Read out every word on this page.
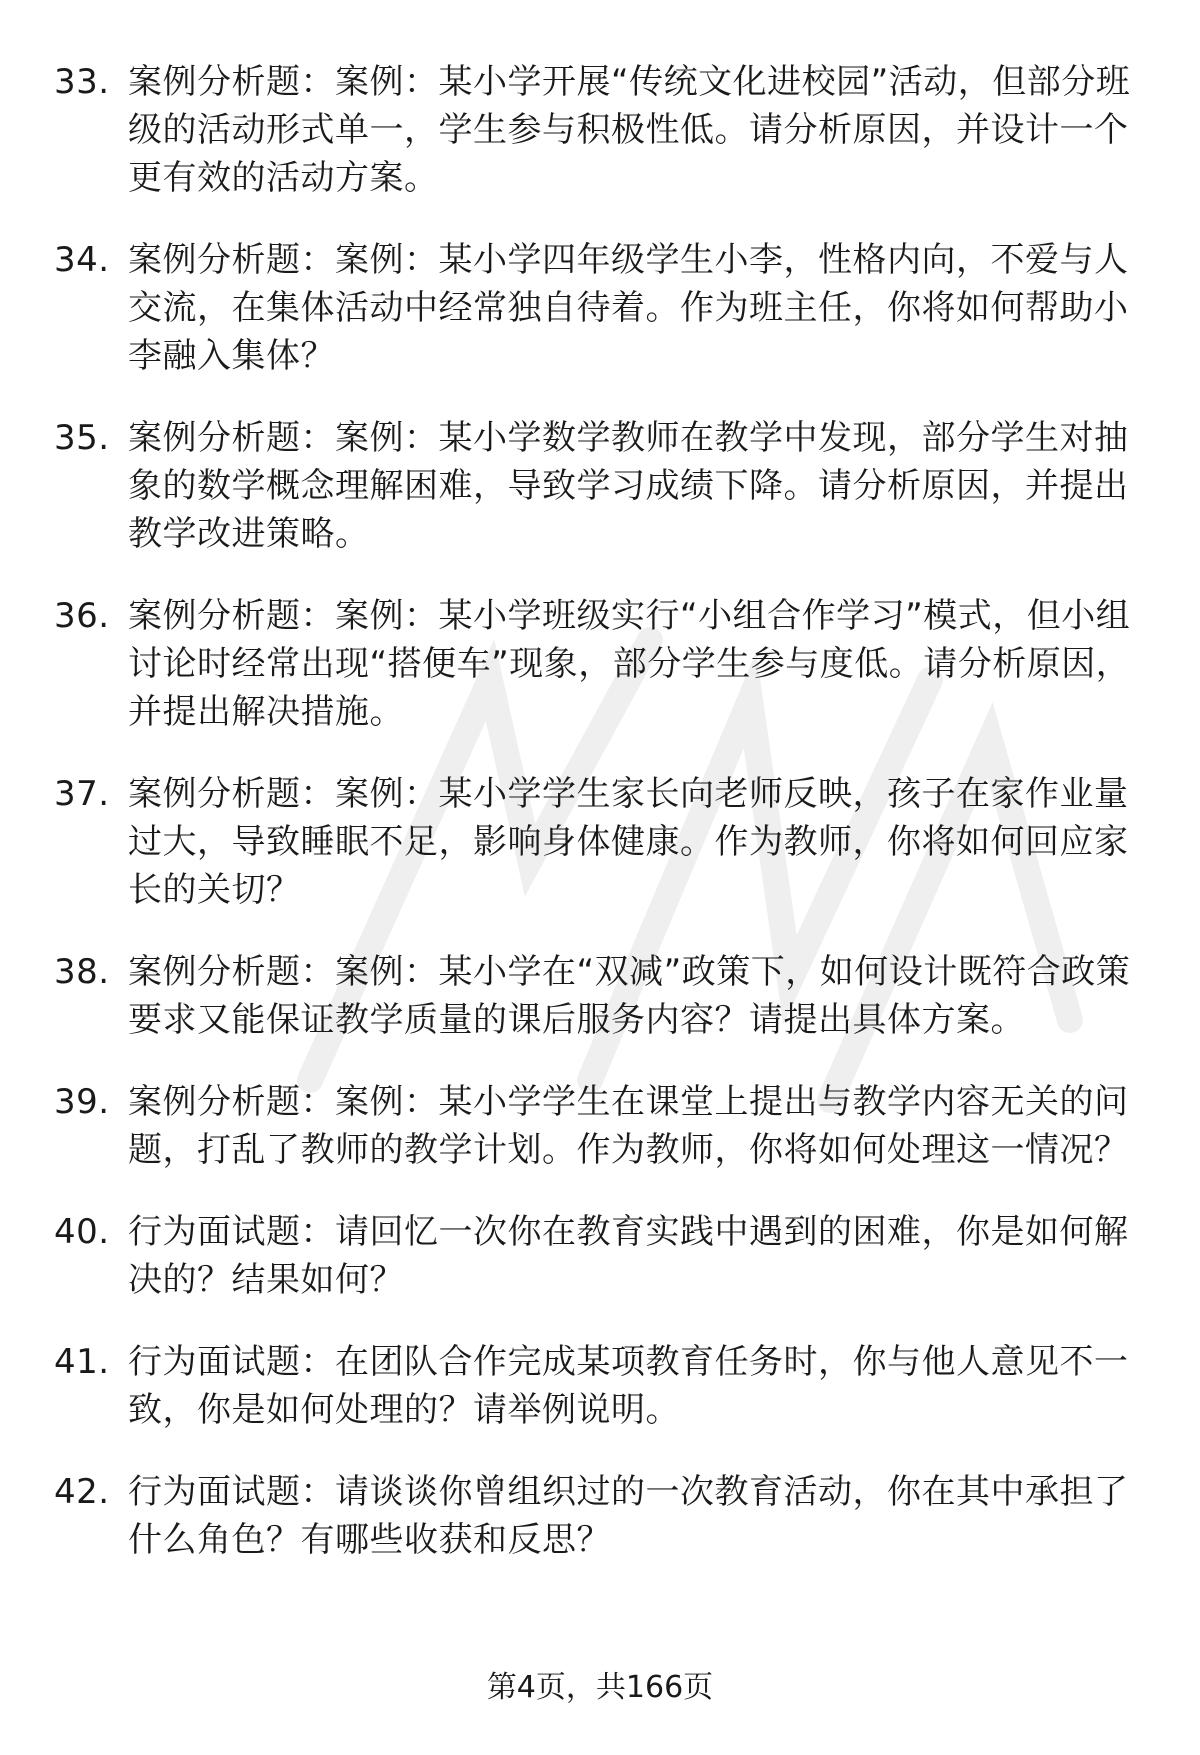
33. 案例分析题：案例：某小学开展“传统文化进校园”活动，但部分班级的活动形式单一，学生参与积极性低。请分析原因，并设计一个更有效的活动方案。
34. 案例分析题：案例：某小学四年级学生小李，性格内向，不爱与人交流，在集体活动中经常独自待着。作为班主任，你将如何帮助小李融入集体？
35. 案例分析题：案例：某小学数学教师在教学中发现，部分学生对抽象的数学概念理解困难，导致学习成绩下降。请分析原因，并提出教学改进策略。
36. 案例分析题：案例：某小学班级实行“小组合作学习”模式，但小组讨论时经常出现“搭便车”现象，部分学生参与度低。请分析原因，并提出解决措施。
37. 案例分析题：案例：某小学学生家长向老师反映，孩子在家作业量过大，导致睡眠不足，影响身体健康。作为教师，你将如何回应家长的关切？
38. 案例分析题：案例：某小学在“双减”政策下，如何设计既符合政策要求又能保证教学质量的课后服务内容？请提出具体方案。
39. 案例分析题：案例：某小学学生在课堂上提出与教学内容无关的问题，打乱了教师的教学计划。作为教师，你将如何处理这一情况？
40. 行为面试题：请回忆一次你在教育实践中遇到的困难，你是如何解决的？结果如何？
41. 行为面试题：在团队合作完成某项教育任务时，你与他人意见不一致，你是如何处理的？请举例说明。
42. 行为面试题：请谈谈你曾组织过的一次教育活动，你在其中承担了什么角色？有哪些收获和反思？
第4页，共166页
